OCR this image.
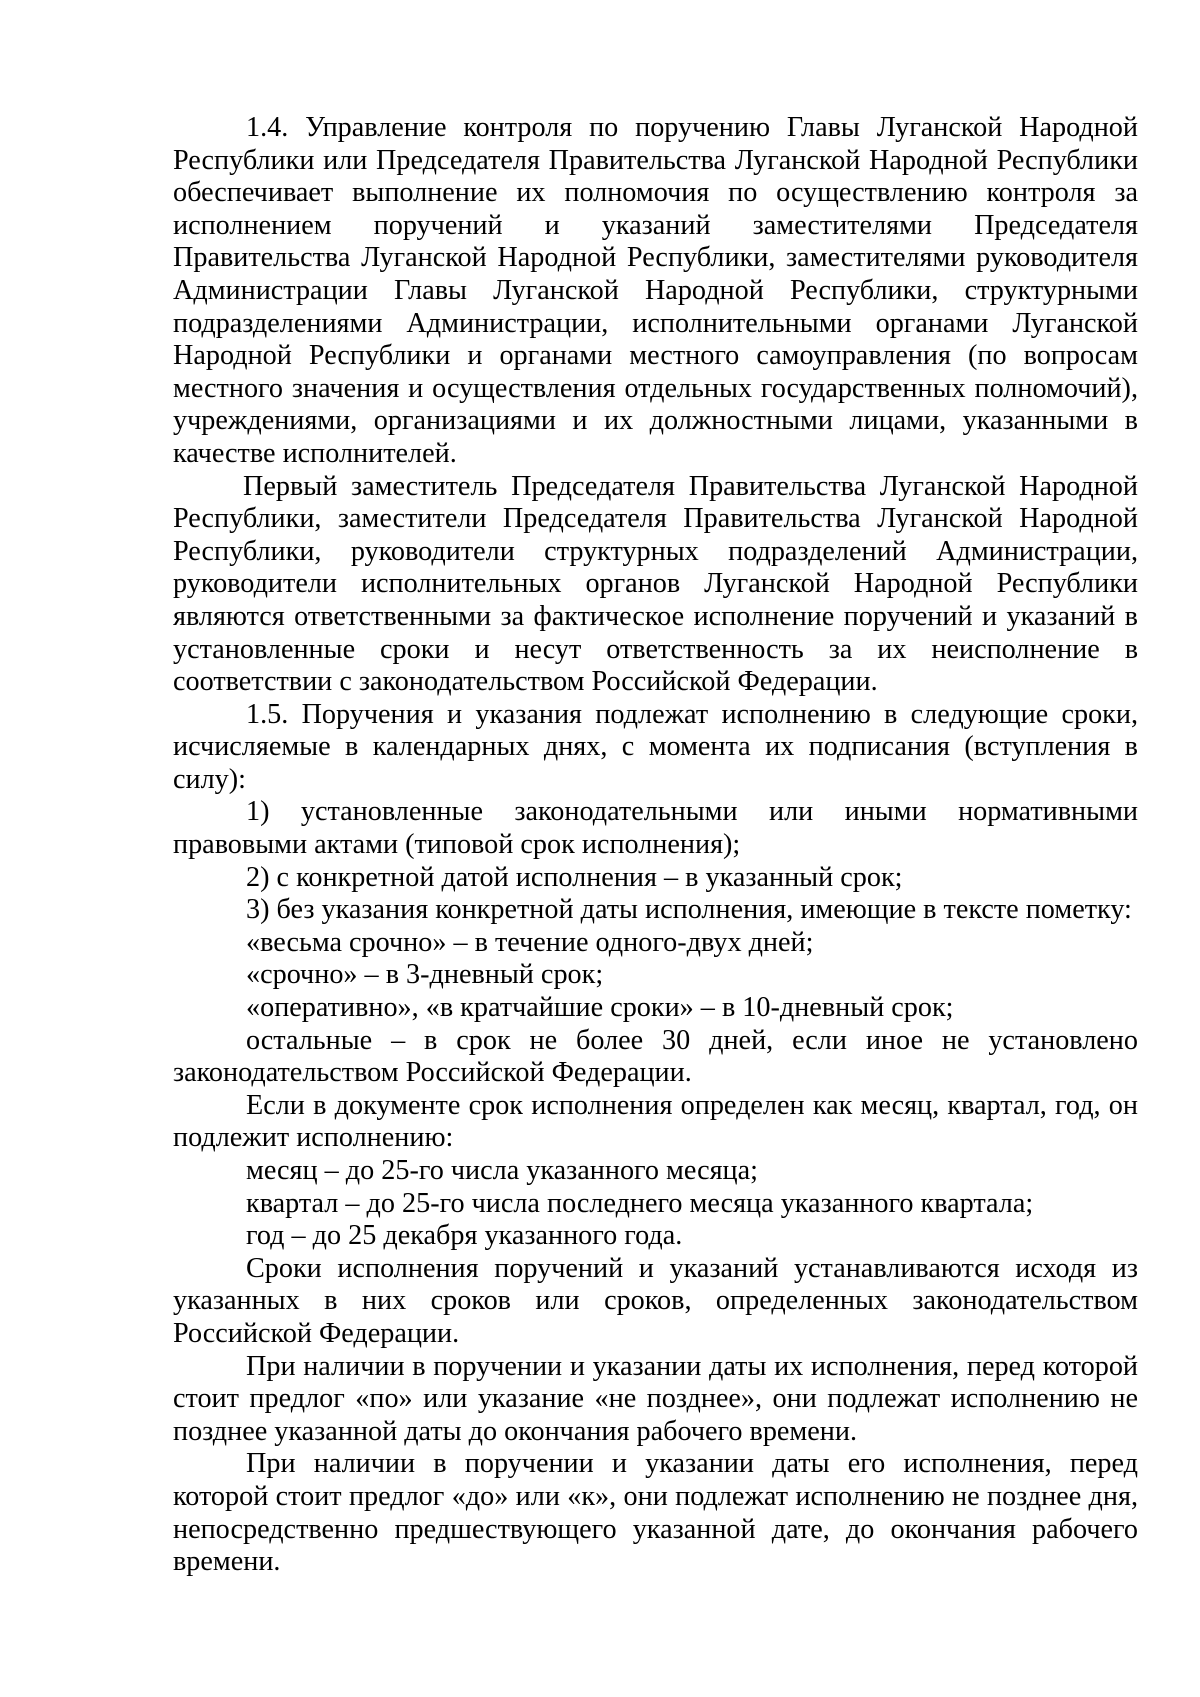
1.4. Управление контроля по поручению Главы Луганской Народной Республики или Председателя Правительства Луганской Народной Республики обеспечивает выполнение их полномочия по осуществлению контроля за исполнением поручений и указаний заместителями Председателя Правительства Луганской Народной Республики, заместителями руководителя Администрации Главы Луганской Народной Республики, структурными подразделениями Администрации, исполнительными органами Луганской Народной Республики и органами местного самоуправления (по вопросам местного значения и осуществления отдельных государственных полномочий), учреждениями, организациями и их должностными лицами, указанными в качестве исполнителей.

Первый заместитель Председателя Правительства Луганской Народной Республики, заместители Председателя Правительства Луганской Народной Республики, руководители структурных подразделений Администрации, руководители исполнительных органов Луганской Народной Республики являются ответственными за фактическое исполнение поручений и указаний в установленные сроки и несут ответственность за их неисполнение в соответствии с законодательством Российской Федерации.

1.5. Поручения и указания подлежат исполнению в следующие сроки, исчисляемые в календарных днях, с момента их подписания (вступления в силу):

1) установленные законодательными или иными нормативными правовыми актами (типовой срок исполнения);

2) с конкретной датой исполнения – в указанный срок;

3) без указания конкретной даты исполнения, имеющие в тексте пометку:

«весьма срочно» – в течение одного-двух дней;

«срочно» – в 3-дневный срок;

«оперативно», «в кратчайшие сроки» – в 10-дневный срок;

остальные – в срок не более 30 дней, если иное не установлено законодательством Российской Федерации.

Если в документе срок исполнения определен как месяц, квартал, год, он подлежит исполнению:

месяц – до 25-го числа указанного месяца;

квартал – до 25-го числа последнего месяца указанного квартала;

год – до 25 декабря указанного года.

Сроки исполнения поручений и указаний устанавливаются исходя из указанных в них сроков или сроков, определенных законодательством Российской Федерации.

При наличии в поручении и указании даты их исполнения, перед которой стоит предлог «по» или указание «не позднее», они подлежат исполнению не позднее указанной даты до окончания рабочего времени.

При наличии в поручении и указании даты его исполнения, перед которой стоит предлог «до» или «к», они подлежат исполнению не позднее дня, непосредственно предшествующего указанной дате, до окончания рабочего времени.
